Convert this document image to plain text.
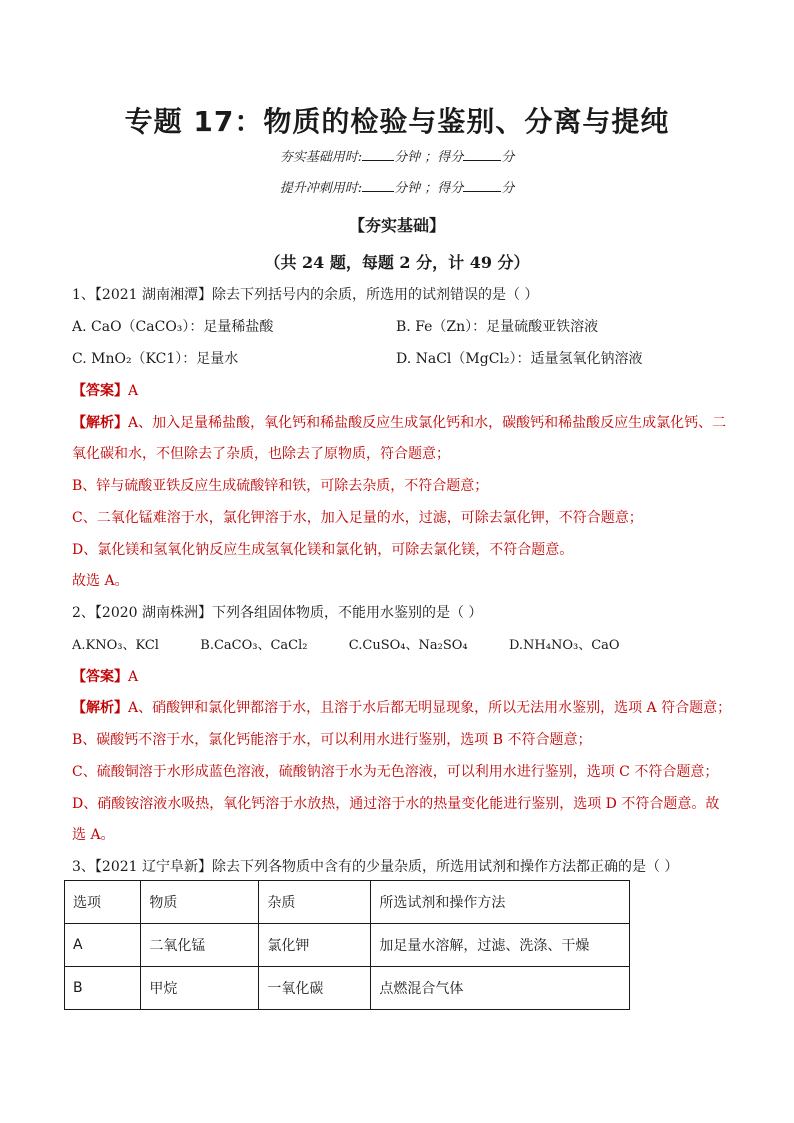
专题 17：物质的检验与鉴别、分离与提纯
夯实基础用时: 分钟 ；得分	分
提升冲刺用时: 分钟 ；得分	分
【夯实基础】
（共 24 题，每题 2 分，计 49 分）
1、【2021 湖南湘潭】除去下列括号内的余质，所选用的试剂错误的是（ ）
A. CaO（CaCO₃）：足量稀盐酸	B. Fe（Zn）：足量硫酸亚铁溶液
C. MnO₂（KC1）：足量水	D. NaCl（MgCl₂）：适量氢氧化钠溶液
【答案】A
【解析】A、加入足量稀盐酸，氧化钙和稀盐酸反应生成氯化钙和水，碳酸钙和稀盐酸反应生成氯化钙、二
氧化碳和水，不但除去了杂质，也除去了原物质，符合题意；
B、锌与硫酸亚铁反应生成硫酸锌和铁，可除去杂质，不符合题意；
C、二氧化锰难溶于水，氯化钾溶于水，加入足量的水，过滤，可除去氯化钾，不符合题意；
D、氯化镁和氢氧化钠反应生成氢氧化镁和氯化钠，可除去氯化镁，不符合题意。
故选 A。
2、【2020 湖南株洲】下列各组固体物质，不能用水鉴别的是（ ）
A.KNO₃、KCl          B.CaCO₃、CaCl₂          C.CuSO₄、Na₂SO₄          D.NH₄NO₃、CaO
【答案】A
【解析】A、硝酸钾和氯化钾都溶于水，且溶于水后都无明显现象，所以无法用水鉴别，选项 A 符合题意；
B、碳酸钙不溶于水，氯化钙能溶于水，可以利用水进行鉴别，选项 B 不符合题意；
C、硫酸铜溶于水形成蓝色溶液，硫酸钠溶于水为无色溶液，可以利用水进行鉴别，选项 C 不符合题意；
D、硝酸铵溶液水吸热，氧化钙溶于水放热，通过溶于水的热量变化能进行鉴别，选项 D 不符合题意。故
选 A。
3、【2021 辽宁阜新】除去下列各物质中含有的少量杂质，所选用试剂和操作方法都正确的是（ ）
选项	物质	杂质	所选试剂和操作方法
A	二氧化锰	氯化钾	加足量水溶解，过滤、洗涤、干燥
B	甲烷	一氧化碳	点燃混合气体
